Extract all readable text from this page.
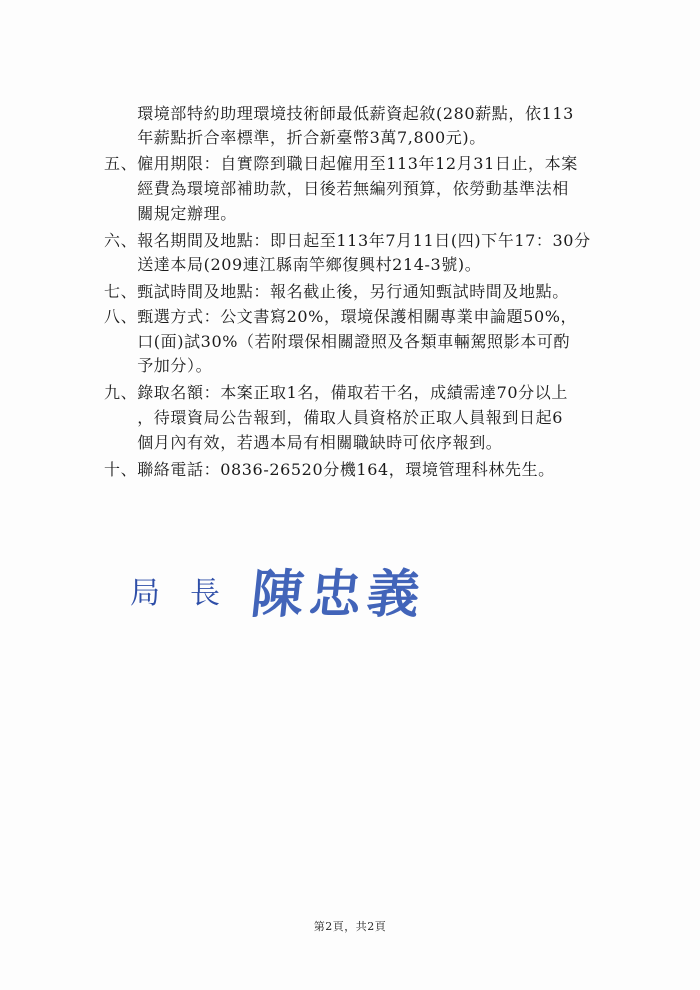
　　環境部特約助理環境技術師最低薪資起敘(280薪點，依113
　　年薪點折合率標準，折合新臺幣3萬7,800元)。
五、僱用期限：自實際到職日起僱用至113年12月31日止，本案
　　經費為環境部補助款，日後若無編列預算，依勞動基準法相
　　關規定辦理。
六、報名期間及地點：即日起至113年7月11日(四)下午17：30分
　　送達本局(209連江縣南竿鄉復興村214-3號)。
七、甄試時間及地點：報名截止後，另行通知甄試時間及地點。
八、甄選方式：公文書寫20%，環境保護相關專業申論題50%，
　　口(面)試30%（若附環保相關證照及各類車輛駕照影本可酌
　　予加分）。
九、錄取名額：本案正取1名，備取若干名，成績需達70分以上
　　，待環資局公告報到，備取人員資格於正取人員報到日起6
　　個月內有效，若遇本局有相關職缺時可依序報到。
十、聯絡電話：0836-26520分機164，環境管理科林先生。
局 長 陳忠義
第2頁，共2頁
